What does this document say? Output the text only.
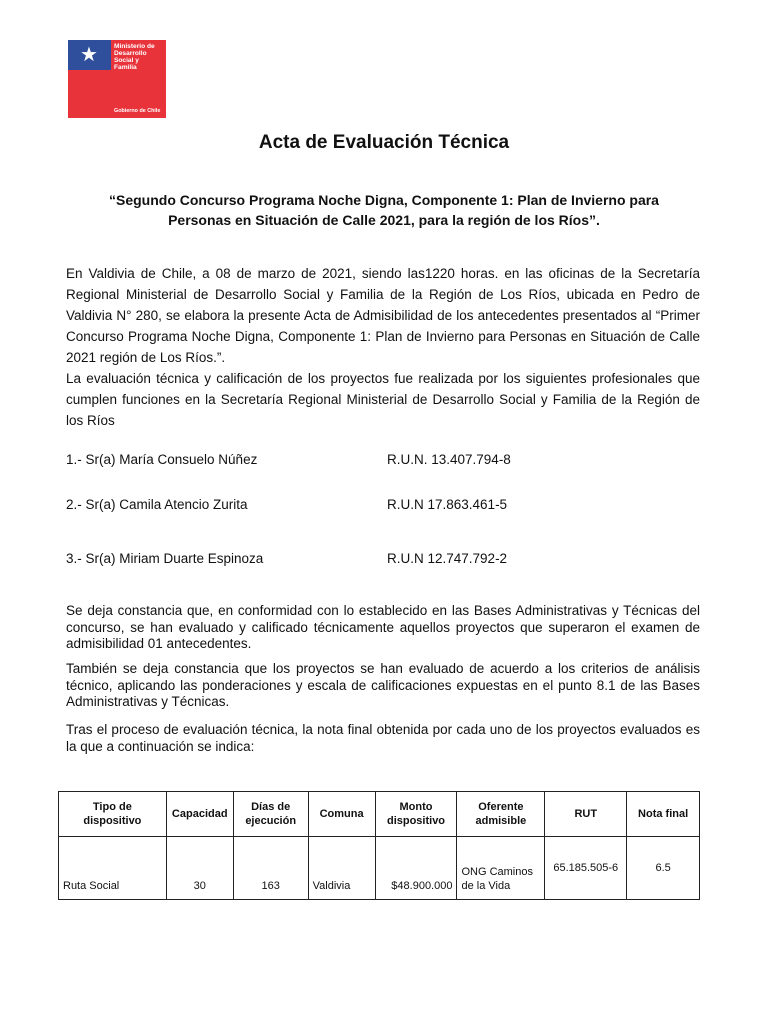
★	Ministerio de
Desarrollo
Social y
Familia
Gobierno de Chile
Acta de Evaluación Técnica
“Segundo Concurso Programa Noche Digna, Componente 1: Plan de Invierno para Personas en Situación de Calle 2021, para la región de los Ríos”.
En Valdivia de Chile, a 08 de marzo de 2021, siendo las1220 horas. en las oficinas de la Secretaría Regional Ministerial de Desarrollo Social y Familia de la Región de Los Ríos, ubicada en Pedro de Valdivia N° 280, se elabora la presente Acta de Admisibilidad de los antecedentes presentados al “Primer Concurso Programa Noche Digna, Componente 1: Plan de Invierno para Personas en Situación de Calle 2021 región de Los Ríos.”.
La evaluación técnica y calificación de los proyectos fue realizada por los siguientes profesionales que cumplen funciones en la Secretaría Regional Ministerial de Desarrollo Social y Familia de la Región de los Ríos
1.- Sr(a) María Consuelo Núñez	R.U.N. 13.407.794-8
2.- Sr(a) Camila Atencio Zurita	R.U.N 17.863.461-5
3.- Sr(a) Miriam Duarte Espinoza	R.U.N 12.747.792-2
Se deja constancia que, en conformidad con lo establecido en las Bases Administrativas y Técnicas del concurso, se han evaluado y calificado técnicamente aquellos proyectos que superaron el examen de admisibilidad 01 antecedentes.
También se deja constancia que los proyectos se han evaluado de acuerdo a los criterios de análisis técnico, aplicando las ponderaciones y escala de calificaciones expuestas en el punto 8.1 de las Bases Administrativas y Técnicas.
Tras el proceso de evaluación técnica, la nota final obtenida por cada uno de los proyectos evaluados es la que a continuación se indica:
Tipo de dispositivo	Capacidad	Días de ejecución	Comuna	Monto dispositivo	Oferente admisible	RUT	Nota final
Ruta Social	30	163	Valdivia	$48.900.000	ONG Caminos de la Vida	65.185.505-6	6.5
